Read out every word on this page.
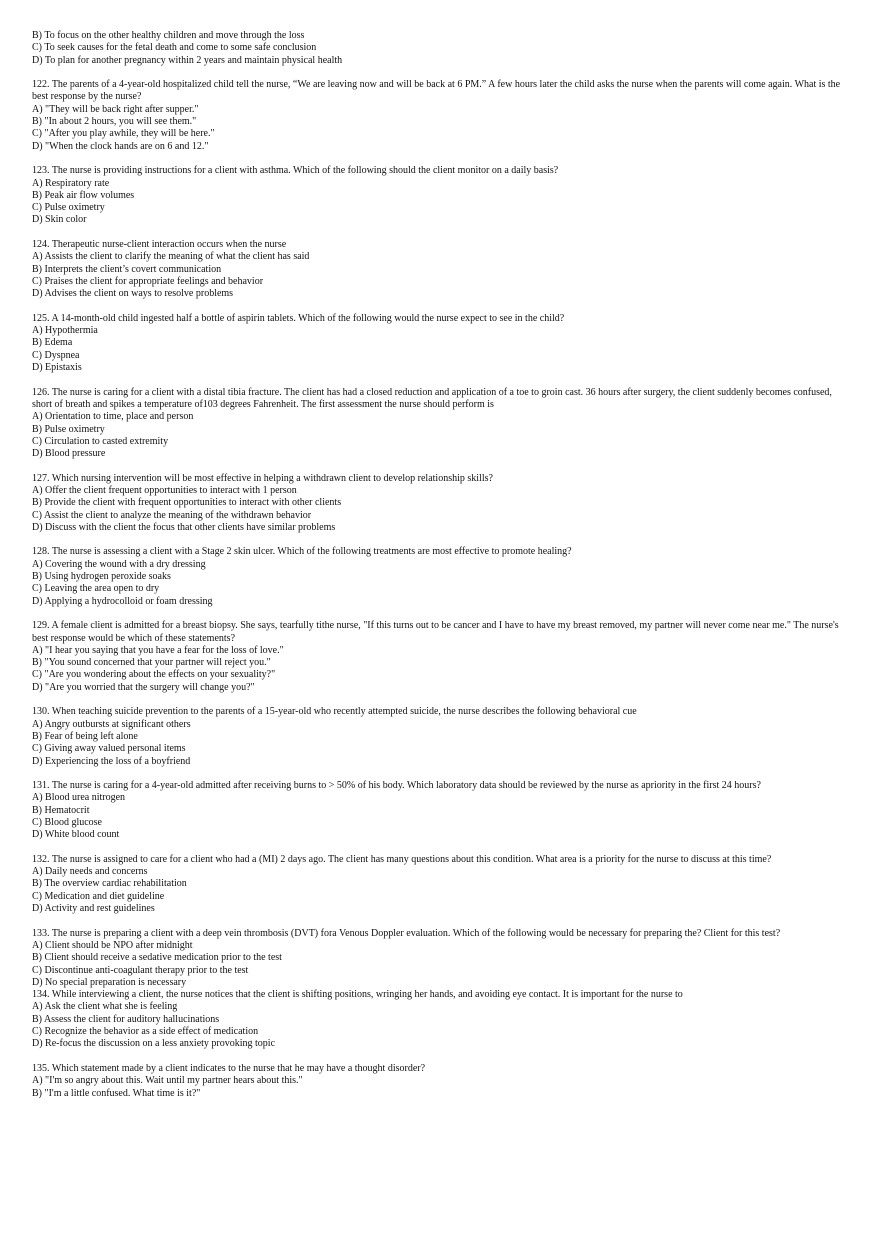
B) To focus on the other healthy children and move through the loss
C) To seek causes for the fetal death and come to some safe conclusion
D) To plan for another pregnancy within 2 years and maintain physical health
122. The parents of a 4-year-old hospitalized child tell the nurse, “We are leaving now and will be back at 6 PM.” A few hours later the child asks the nurse when the parents will come again. What is the best response by the nurse?
A) "They will be back right after supper."
B) "In about 2 hours, you will see them."
C) "After you play awhile, they will be here."
D) "When the clock hands are on 6 and 12."
123. The nurse is providing instructions for a client with asthma. Which of the following should the client monitor on a daily basis?
A) Respiratory rate
B) Peak air flow volumes
C) Pulse oximetry
D) Skin color
124. Therapeutic nurse-client interaction occurs when the nurse
A) Assists the client to clarify the meaning of what the client has said
B) Interprets the client’s covert communication
C) Praises the client for appropriate feelings and behavior
D) Advises the client on ways to resolve problems
125. A 14-month-old child ingested half a bottle of aspirin tablets. Which of the following would the nurse expect to see in the child?
A) Hypothermia
B) Edema
C) Dyspnea
D) Epistaxis
126. The nurse is caring for a client with a distal tibia fracture. The client has had a closed reduction and application of a toe to groin cast. 36 hours after surgery, the client suddenly becomes confused, short of breath and spikes a temperature of103 degrees Fahrenheit. The first assessment the nurse should perform is
A) Orientation to time, place and person
B) Pulse oximetry
C) Circulation to casted extremity
D) Blood pressure
127. Which nursing intervention will be most effective in helping a withdrawn client to develop relationship skills?
A) Offer the client frequent opportunities to interact with 1 person
B) Provide the client with frequent opportunities to interact with other clients
C) Assist the client to analyze the meaning of the withdrawn behavior
D) Discuss with the client the focus that other clients have similar problems
128. The nurse is assessing a client with a Stage 2 skin ulcer. Which of the following treatments are most effective to promote healing?
A) Covering the wound with a dry dressing
B) Using hydrogen peroxide soaks
C) Leaving the area open to dry
D) Applying a hydrocolloid or foam dressing
129. A female client is admitted for a breast biopsy. She says, tearfully tithe nurse, "If this turns out to be cancer and I have to have my breast removed, my partner will never come near me." The nurse's best response would be which of these statements?
A) "I hear you saying that you have a fear for the loss of love."
B) "You sound concerned that your partner will reject you."
C) "Are you wondering about the effects on your sexuality?"
D) "Are you worried that the surgery will change you?"
130. When teaching suicide prevention to the parents of a 15-year-old who recently attempted suicide, the nurse describes the following behavioral cue
A) Angry outbursts at significant others
B) Fear of being left alone
C) Giving away valued personal items
D) Experiencing the loss of a boyfriend
131. The nurse is caring for a 4-year-old admitted after receiving burns to > 50% of his body. Which laboratory data should be reviewed by the nurse as apriority in the first 24 hours?
A) Blood urea nitrogen
B) Hematocrit
C) Blood glucose
D) White blood count
132. The nurse is assigned to care for a client who had a (MI) 2 days ago. The client has many questions about this condition. What area is a priority for the nurse to discuss at this time?
A) Daily needs and concerns
B) The overview cardiac rehabilitation
C) Medication and diet guideline
D) Activity and rest guidelines
133. The nurse is preparing a client with a deep vein thrombosis (DVT) fora Venous Doppler evaluation. Which of the following would be necessary for preparing the? Client for this test?
A) Client should be NPO after midnight
B) Client should receive a sedative medication prior to the test
C) Discontinue anti-coagulant therapy prior to the test
D) No special preparation is necessary
134. While interviewing a client, the nurse notices that the client is shifting positions, wringing her hands, and avoiding eye contact. It is important for the nurse to
A) Ask the client what she is feeling
B) Assess the client for auditory hallucinations
C) Recognize the behavior as a side effect of medication
D) Re-focus the discussion on a less anxiety provoking topic
135. Which statement made by a client indicates to the nurse that he may have a thought disorder?
A) "I'm so angry about this. Wait until my partner hears about this."
B) "I'm a little confused. What time is it?"
